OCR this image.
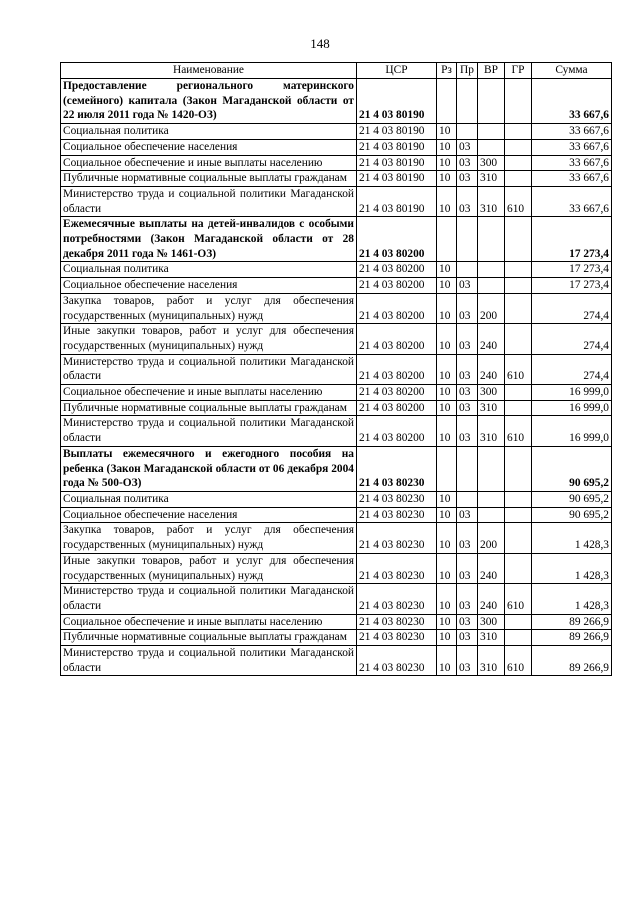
148
Наименование	ЦСР	Рз	Пр	ВР	ГР	Сумма
Предоставление регионального материнского (семейного) капитала (Закон Магаданской области от 22 июля 2011 года № 1420-ОЗ)	21 4 03 80190					33 667,6
Социальная политика	21 4 03 80190	10				33 667,6
Социальное обеспечение населения	21 4 03 80190	10	03			33 667,6
Социальное обеспечение и иные выплаты населению	21 4 03 80190	10	03	300		33 667,6
Публичные нормативные социальные выплаты гражданам	21 4 03 80190	10	03	310		33 667,6
Министерство труда и социальной политики Магаданской области	21 4 03 80190	10	03	310	610	33 667,6
Ежемесячные выплаты на детей-инвалидов с особыми потребностями (Закон Магаданской области от 28 декабря 2011 года № 1461-ОЗ)	21 4 03 80200					17 273,4
Социальная политика	21 4 03 80200	10				17 273,4
Социальное обеспечение населения	21 4 03 80200	10	03			17 273,4
Закупка товаров, работ и услуг для обеспечения государственных (муниципальных) нужд	21 4 03 80200	10	03	200		274,4
Иные закупки товаров, работ и услуг для обеспечения государственных (муниципальных) нужд	21 4 03 80200	10	03	240		274,4
Министерство труда и социальной политики Магаданской области	21 4 03 80200	10	03	240	610	274,4
Социальное обеспечение и иные выплаты населению	21 4 03 80200	10	03	300		16 999,0
Публичные нормативные социальные выплаты гражданам	21 4 03 80200	10	03	310		16 999,0
Министерство труда и социальной политики Магаданской области	21 4 03 80200	10	03	310	610	16 999,0
Выплаты ежемесячного и ежегодного пособия на ребенка (Закон Магаданской области от 06 декабря 2004 года № 500-ОЗ)	21 4 03 80230					90 695,2
Социальная политика	21 4 03 80230	10				90 695,2
Социальное обеспечение населения	21 4 03 80230	10	03			90 695,2
Закупка товаров, работ и услуг для обеспечения государственных (муниципальных) нужд	21 4 03 80230	10	03	200		1 428,3
Иные закупки товаров, работ и услуг для обеспечения государственных (муниципальных) нужд	21 4 03 80230	10	03	240		1 428,3
Министерство труда и социальной политики Магаданской области	21 4 03 80230	10	03	240	610	1 428,3
Социальное обеспечение и иные выплаты населению	21 4 03 80230	10	03	300		89 266,9
Публичные нормативные социальные выплаты гражданам	21 4 03 80230	10	03	310		89 266,9
Министерство труда и социальной политики Магаданской области	21 4 03 80230	10	03	310	610	89 266,9
